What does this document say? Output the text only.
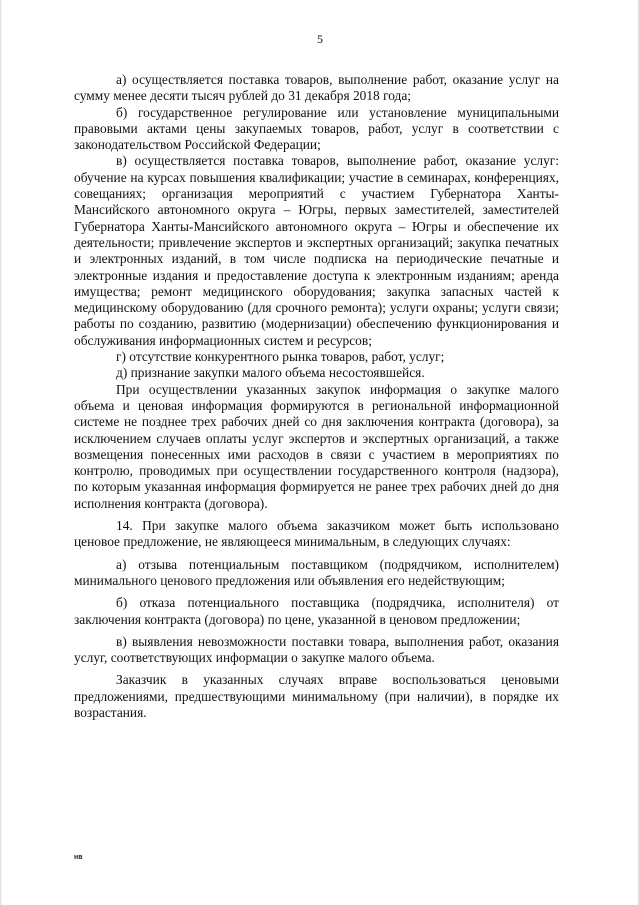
5

а) осуществляется поставка товаров, выполнение работ, оказание услуг на сумму менее десяти тысяч рублей до 31 декабря 2018 года;

б) государственное регулирование или установление муниципальными правовыми актами цены закупаемых товаров, работ, услуг в соответствии с законодательством Российской Федерации;

в) осуществляется поставка товаров, выполнение работ, оказание услуг: обучение на курсах повышения квалификации; участие в семинарах, конференциях, совещаниях; организация мероприятий с участием Губернатора Ханты-Мансийского автономного округа – Югры, первых заместителей, заместителей Губернатора Ханты-Мансийского автономного округа – Югры и обеспечение их деятельности; привлечение экспертов и экспертных организаций; закупка печатных и электронных изданий, в том числе подписка на периодические печатные и электронные издания и предоставление доступа к электронным изданиям; аренда имущества; ремонт медицинского оборудования; закупка запасных частей к медицинскому оборудованию (для срочного ремонта); услуги охраны; услуги связи; работы по созданию, развитию (модернизации) обеспечению функционирования и обслуживания информационных систем и ресурсов;

г) отсутствие конкурентного рынка товаров, работ, услуг;

д) признание закупки малого объема несостоявшейся.

При осуществлении указанных закупок информация о закупке малого объема и ценовая информация формируются в региональной информационной системе не позднее трех рабочих дней со дня заключения контракта (договора), за исключением случаев оплаты услуг экспертов и экспертных организаций, а также возмещения понесенных ими расходов в связи с участием в мероприятиях по контролю, проводимых при осуществлении государственного контроля (надзора), по которым указанная информация формируется не ранее трех рабочих дней до дня исполнения контракта (договора).

14. При закупке малого объема заказчиком может быть использовано ценовое предложение, не являющееся минимальным, в следующих случаях:

а) отзыва потенциальным поставщиком (подрядчиком, исполнителем) минимального ценового предложения или объявления его недействующим;

б) отказа потенциального поставщика (подрядчика, исполнителя) от заключения контракта (договора) по цене, указанной в ценовом предложении;

в) выявления невозможности поставки товара, выполнения работ, оказания услуг, соответствующих информации о закупке малого объема.

Заказчик в указанных случаях вправе воспользоваться ценовыми предложениями, предшествующими минимальному (при наличии), в порядке их возрастания.

нв
